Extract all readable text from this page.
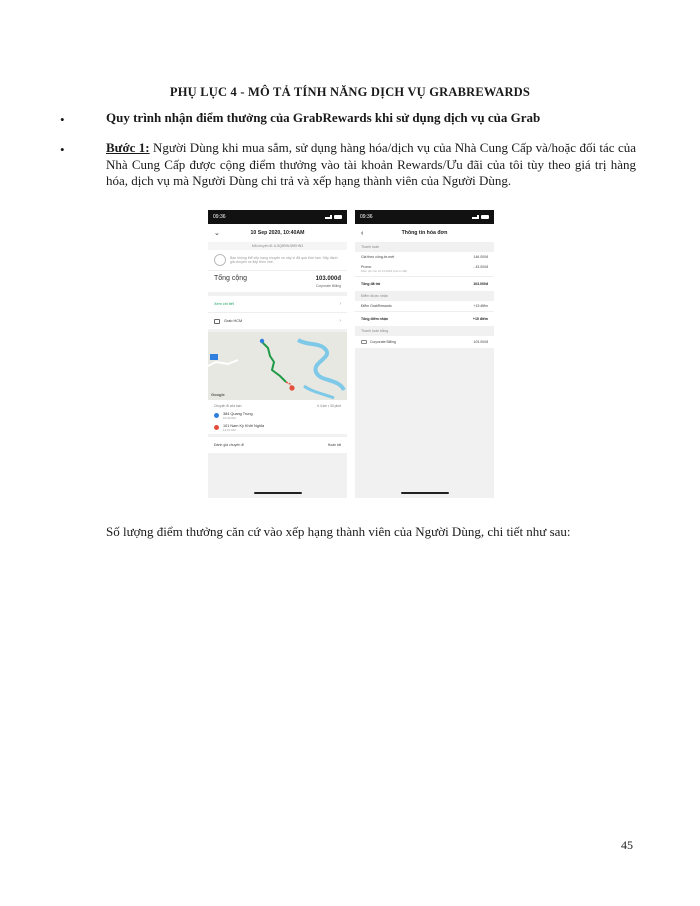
PHỤ LỤC 4 - MÔ TẢ TÍNH NĂNG DỊCH VỤ GRABREWARDS
•	Quy trình nhận điểm thưởng của GrabRewards khi sử dụng dịch vụ của Grab
•	Bước 1: Người Dùng khi mua sắm, sử dụng hàng hóa/dịch vụ của Nhà Cung Cấp và/hoặc đối tác của Nhà Cung Cấp được cộng điểm thưởng vào tài khoản Rewards/Ưu đãi của tôi tùy theo giá trị hàng hóa, dịch vụ mà Người Dùng chi trả và xếp hạng thành viên của Người Dùng.
09:36
⌄	10 Sep 2020, 10:40AM
Mã chuyến đi: A-5Q8RWJWEHN3
Bạn không thể xếp hạng chuyến xe này vì đã quá thời hạn. Hãy đánh giá chuyến xe tiếp theo nhé.
Tổng cộng	103.000đ
Corporate Billing
Xem chi tiết	›
Grab HCM	›
Google
Chuyến đi của bạn	0.4 km • 30 phút
384 Quang Trung
10:40 AM
101 Nam Kỳ Khởi Nghĩa
11:10 AM
Đánh giá chuyến đi	Hoàn tất
09:36
‹	Thông tin hóa đơn
Thanh toán
Giá theo công-tơ-mét	146.000đ
Promo
Miễn phí cho tới 43.000đ (mã ưu đãi)
- 43.000đ
Tổng đã trả	103.000đ
Điểm được nhận
Điểm GrabRewards	+15 điểm
Tổng điểm nhận	+15 điểm
Thanh toán bằng
Corporate Billing	103.000đ
Số lượng điểm thưởng căn cứ vào xếp hạng thành viên của Người Dùng, chi tiết như sau:
45
